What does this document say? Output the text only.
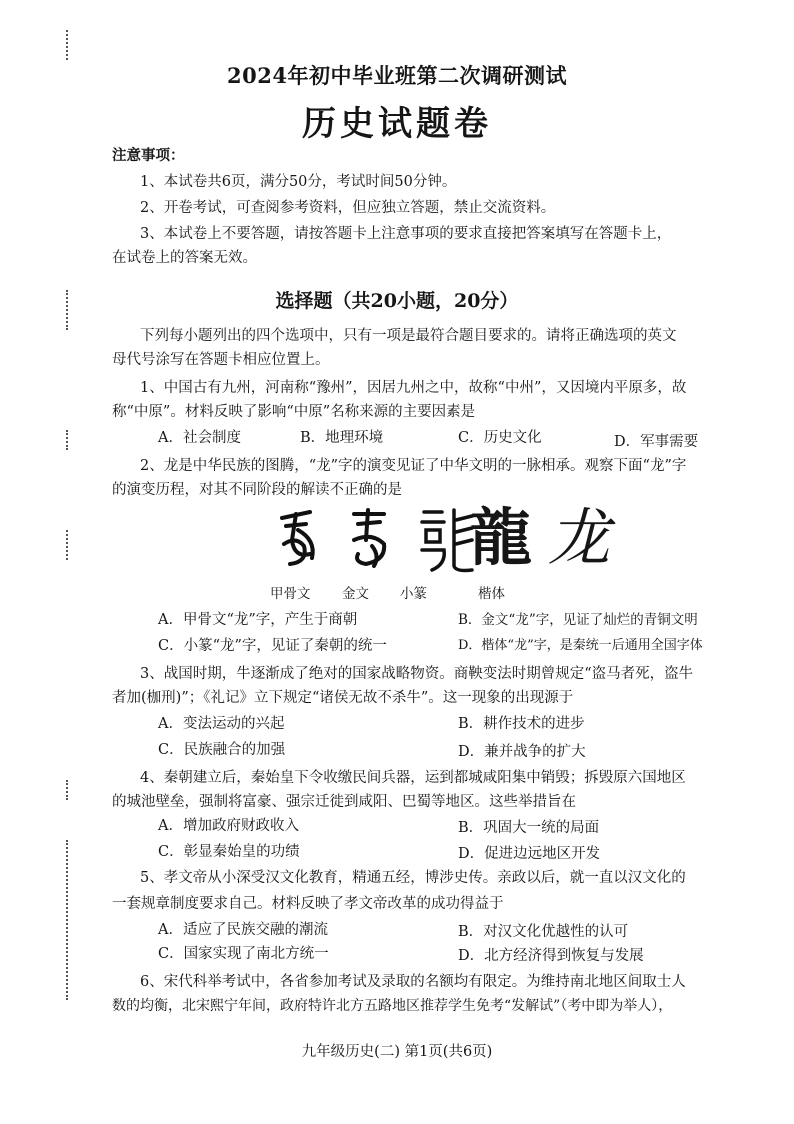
2024年初中毕业班第二次调研测试
历史试题卷
注意事项：
1、本试卷共6页，满分50分，考试时间50分钟。
2、开卷考试，可查阅参考资料，但应独立答题，禁止交流资料。
3、本试卷上不要答题，请按答题卡上注意事项的要求直接把答案填写在答题卡上，
在试卷上的答案无效。
选择题（共20小题，20分）
下列每小题列出的四个选项中，只有一项是最符合题目要求的。请将正确选项的英文
母代号涂写在答题卡相应位置上。
1、中国古有九州，河南称“豫州”，因居九州之中，故称“中州”，又因境内平原多，故
称“中原”。材料反映了影响“中原”名称来源的主要因素是
A．社会制度	B．地理环境	C．历史文化	D．军事需要
2、龙是中华民族的图腾，“龙”字的演变见证了中华文明的一脉相承。观察下面“龙”字
的演变历程，对其不同阶段的解读不正确的是
龍 龙
甲骨文 金文 小篆	楷体
A．甲骨文“龙”字，产生于商朝	B．金文“龙”字，见证了灿烂的青铜文明
C．小篆“龙”字，见证了秦朝的统一	D．楷体“龙”字，是秦统一后通用全国字体
3、战国时期，牛逐渐成了绝对的国家战略物资。商鞅变法时期曾规定“盗马者死，盗牛
者加(枷刑)”；《礼记》立下规定“诸侯无故不杀牛”。这一现象的出现源于
A．变法运动的兴起	B．耕作技术的进步
C．民族融合的加强	D．兼并战争的扩大
4、秦朝建立后，秦始皇下令收缴民间兵器，运到都城咸阳集中销毁；拆毁原六国地区
的城池壁垒，强制将富豪、强宗迁徙到咸阳、巴蜀等地区。这些举措旨在
A．增加政府财政收入	B．巩固大一统的局面
C．彰显秦始皇的功绩	D．促进边远地区开发
5、孝文帝从小深受汉文化教育，精通五经，博涉史传。亲政以后，就一直以汉文化的
一套规章制度要求自己。材料反映了孝文帝改革的成功得益于
A．适应了民族交融的潮流	B．对汉文化优越性的认可
C．国家实现了南北方统一	D．北方经济得到恢复与发展
6、宋代科举考试中，各省参加考试及录取的名额均有限定。为维持南北地区间取士人
数的均衡，北宋熙宁年间，政府特许北方五路地区推荐学生免考“发解试”（考中即为举人），
九年级历史(二) 第1页(共6页)
